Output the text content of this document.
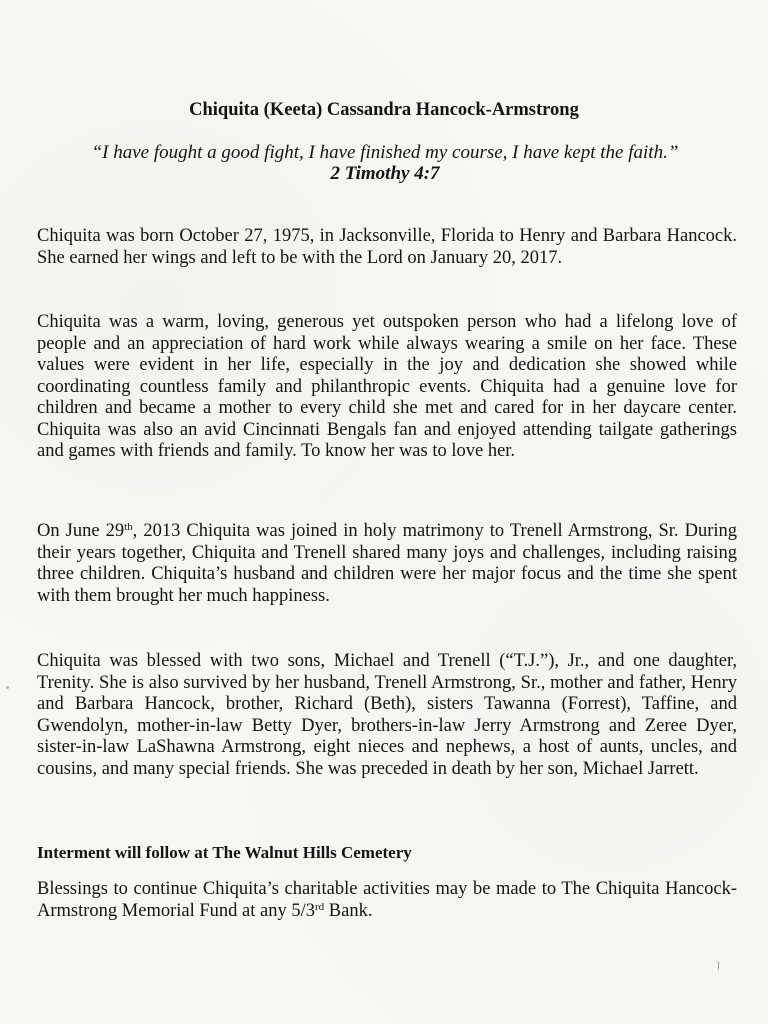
Chiquita (Keeta) Cassandra Hancock-Armstrong
“I have fought a good fight, I have finished my course, I have kept the faith.”
2 Timothy 4:7

Chiquita was born October 27, 1975, in Jacksonville, Florida to Henry and Barbara Hancock. She earned her wings and left to be with the Lord on January 20, 2017.

Chiquita was a warm, loving, generous yet outspoken person who had a lifelong love of people and an appreciation of hard work while always wearing a smile on her face. These values were evident in her life, especially in the joy and dedication she showed while coordinating countless family and philanthropic events. Chiquita had a genuine love for children and became a mother to every child she met and cared for in her daycare center. Chiquita was also an avid Cincinnati Bengals fan and enjoyed attending tailgate gatherings and games with friends and family. To know her was to love her.

On June 29th, 2013 Chiquita was joined in holy matrimony to Trenell Armstrong, Sr. During their years together, Chiquita and Trenell shared many joys and challenges, including raising three children. Chiquita’s husband and children were her major focus and the time she spent with them brought her much happiness.

Chiquita was blessed with two sons, Michael and Trenell (“T.J.”), Jr., and one daughter, Trenity. She is also survived by her husband, Trenell Armstrong, Sr., mother and father, Henry and Barbara Hancock, brother, Richard (Beth), sisters Tawanna (Forrest), Taffine, and Gwendolyn, mother-in-law Betty Dyer, brothers-in-law Jerry Armstrong and Zeree Dyer, sister-in-law LaShawna Armstrong, eight nieces and nephews, a host of aunts, uncles, and cousins, and many special friends. She was preceded in death by her son, Michael Jarrett.

Interment will follow at The Walnut Hills Cemetery

Blessings to continue Chiquita’s charitable activities may be made to The Chiquita Hancock-Armstrong Memorial Fund at any 5/3rd Bank.
